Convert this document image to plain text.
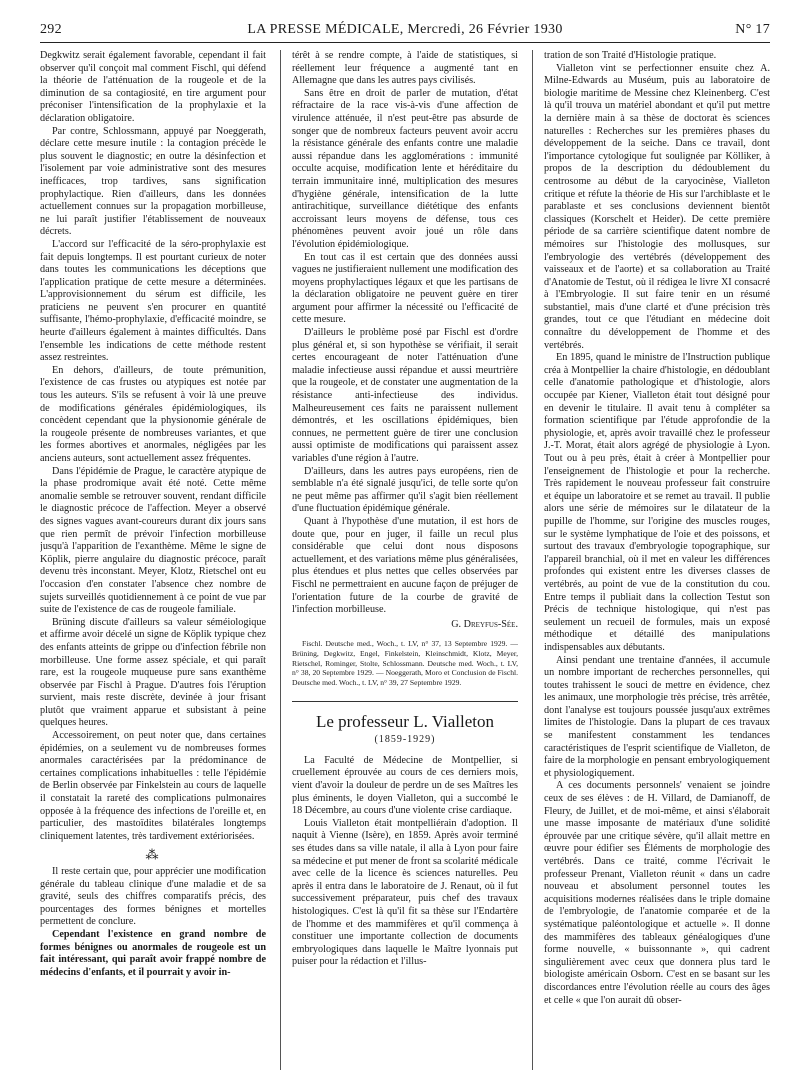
292	LA PRESSE MÉDICALE, Mercredi, 26 Février 1930	N° 17

Degkwitz serait également favorable, cependant il fait observer qu'il conçoit mal comment Fischl, qui défend la théorie de l'atténuation de la rougeole et de la diminution de sa contagiosité, en tire argument pour préconiser l'intensification de la prophylaxie et la déclaration obligatoire.

Par contre, Schlossmann, appuyé par Noeggerath, déclare cette mesure inutile : la contagion précède le plus souvent le diagnostic; en outre la désinfection et l'isolement par voie administrative sont des mesures inefficaces, trop tardives, sans signification prophylactique. Rien d'ailleurs, dans les données actuellement connues sur la propagation morbilleuse, ne lui paraît justifier l'établissement de nouveaux décrets.

L'accord sur l'efficacité de la séro-prophylaxie est fait depuis longtemps. Il est pourtant curieux de noter dans toutes les communications les déceptions que l'application pratique de cette mesure a déterminées. L'approvisionnement du sérum est difficile, les praticiens ne peuvent s'en procurer en quantité suffisante, l'hémo-prophylaxie, d'efficacité moindre, se heurte d'ailleurs également à maintes difficultés. Dans l'ensemble les indications de cette méthode restent assez restreintes.

En dehors, d'ailleurs, de toute prémunition, l'existence de cas frustes ou atypiques est notée par tous les auteurs. S'ils se refusent à voir là une preuve de modifications générales épidémiologiques, ils concèdent cependant que la physionomie générale de la rougeole présente de nombreuses variantes, et que les formes abortives et anormales, négligées par les anciens auteurs, sont actuellement assez fréquentes.

Dans l'épidémie de Prague, le caractère atypique de la phase prodromique avait été noté. Cette même anomalie semble se retrouver souvent, rendant difficile le diagnostic précoce de l'affection. Meyer a observé des signes vagues avant-coureurs durant dix jours sans que rien permît de prévoir l'infection morbilleuse jusqu'à l'apparition de l'exanthème. Même le signe de Köplik, pierre angulaire du diagnostic précoce, paraît devenu très inconstant. Meyer, Klotz, Rietschel ont eu l'occasion d'en constater l'absence chez nombre de sujets surveillés quotidiennement à ce point de vue par suite de l'existence de cas de rougeole familiale.

Brüning discute d'ailleurs sa valeur séméiologique et affirme avoir décelé un signe de Köplik typique chez des enfants atteints de grippe ou d'infection fébrile non morbilleuse. Une forme assez spéciale, et qui paraît rare, est la rougeole muqueuse pure sans exanthème observée par Fischl à Prague. D'autres fois l'éruption survient, mais reste discrète, devinée à jour frisant plutôt que vraiment apparue et subsistant à peine quelques heures.

Accessoirement, on peut noter que, dans certaines épidémies, on a seulement vu de nombreuses formes anormales caractérisées par la prédominance de certaines complications inhabituelles : telle l'épidémie de Berlin observée par Finkelstein au cours de laquelle il constatait la rareté des complications pulmonaires opposée à la fréquence des infections de l'oreille et, en particulier, des mastoïdites bilatérales longtemps cliniquement latentes, très tardivement extériorisées.

⁂

Il reste certain que, pour apprécier une modification générale du tableau clinique d'une maladie et de sa gravité, seuls des chiffres comparatifs précis, des pourcentages des formes bénignes et mortelles permettent de conclure.

Cependant l'existence en grand nombre de formes bénignes ou anormales de rougeole est un fait intéressant, qui paraît avoir frappé nombre de médecins d'enfants, et il pourrait y avoir in-

térêt à se rendre compte, à l'aide de statistiques, si réellement leur fréquence a augmenté tant en Allemagne que dans les autres pays civilisés.

Sans être en droit de parler de mutation, d'état réfractaire de la race vis-à-vis d'une affection de virulence atténuée, il n'est peut-être pas absurde de songer que de nombreux facteurs peuvent avoir accru la résistance générale des enfants contre une maladie aussi répandue dans les agglomérations : immunité occulte acquise, modification lente et héréditaire du terrain immunitaire inné, multiplication des mesures d'hygiène générale, intensification de la lutte antirachitique, surveillance diététique des enfants accroissant leurs moyens de défense, tous ces phénomènes peuvent avoir joué un rôle dans l'évolution épidémiologique.

En tout cas il est certain que des données aussi vagues ne justifieraient nullement une modification des moyens prophylactiques légaux et que les partisans de la déclaration obligatoire ne peuvent guère en tirer argument pour affirmer la nécessité ou l'efficacité de cette mesure.

D'ailleurs le problème posé par Fischl est d'ordre plus général et, si son hypothèse se vérifiait, il serait certes encourageant de noter l'atténuation d'une maladie infectieuse aussi répandue et aussi meurtrière que la rougeole, et de constater une augmentation de la résistance anti-infectieuse des individus. Malheureusement ces faits ne paraissent nullement démontrés, et les oscillations épidémiques, bien connues, ne permettent guère de tirer une conclusion aussi optimiste de modifications qui paraissent assez variables d'une région à l'autre.

D'ailleurs, dans les autres pays européens, rien de semblable n'a été signalé jusqu'ici, de telle sorte qu'on ne peut même pas affirmer qu'il s'agit bien réellement d'une fluctuation épidémique générale.

Quant à l'hypothèse d'une mutation, il est hors de doute que, pour en juger, il faille un recul plus considérable que celui dont nous disposons actuellement, et des variations même plus généralisées, plus étendues et plus nettes que celles observées par Fischl ne permettraient en aucune façon de préjuger de l'orientation future de la courbe de gravité de l'infection morbilleuse.

G. Dreyfus-Sée.

Fischl. Deutsche med., Woch., t. LV, n° 37, 13 Septembre 1929. — Brüning, Degkwitz, Engel, Finkelstein, Kleinschmidt, Klotz, Meyer, Rietschel, Rominger, Stolte, Schlossmann. Deutsche med. Woch., t. LV, n° 38, 20 Septembre 1929. — Noeggerath, Moro et Conclusion de Fischl. Deutsche med. Woch., t. LV, n° 39, 27 Septembre 1929.

Le professeur L. Vialleton
(1859-1929)

La Faculté de Médecine de Montpellier, si cruellement éprouvée au cours de ces derniers mois, vient d'avoir la douleur de perdre un de ses Maîtres les plus éminents, le doyen Vialleton, qui a succombé le 18 Décembre, au cours d'une violente crise cardiaque.

Louis Vialleton était montpelliérain d'adoption. Il naquit à Vienne (Isère), en 1859. Après avoir terminé ses études dans sa ville natale, il alla à Lyon pour faire sa médecine et put mener de front sa scolarité médicale avec celle de la licence ès sciences naturelles. Peu après il entra dans le laboratoire de J. Renaut, où il fut successivement préparateur, puis chef des travaux histologiques. C'est là qu'il fit sa thèse sur l'Endartère de l'homme et des mammifères et qu'il commença à constituer une importante collection de documents embryologiques dans laquelle le Maître lyonnais put puiser pour la rédaction et l'illus-

tration de son Traité d'Histologie pratique.

Vialleton vint se perfectionner ensuite chez A. Milne-Edwards au Muséum, puis au laboratoire de biologie maritime de Messine chez Kleinenberg. C'est là qu'il trouva un matériel abondant et qu'il put mettre la dernière main à sa thèse de doctorat ès sciences naturelles : Recherches sur les premières phases du développement de la seiche. Dans ce travail, dont l'importance cytologique fut soulignée par Kölliker, à propos de la description du dédoublement du centrosome au début de la caryocinèse, Vialleton critique et réfute la théorie de His sur l'archiblaste et le parablaste et ses conclusions deviennent bientôt classiques (Korschelt et Heider). De cette première période de sa carrière scientifique datent nombre de mémoires sur l'histologie des mollusques, sur l'embryologie des vertébrés (développement des vaisseaux et de l'aorte) et sa collaboration au Traité d'Anatomie de Testut, où il rédigea le livre XI consacré à l'Embryologie. Il sut faire tenir en un résumé substantiel, mais d'une clarté et d'une précision très grandes, tout ce que l'étudiant en médecine doit connaître du développement de l'homme et des vertébrés.

En 1895, quand le ministre de l'Instruction publique créa à Montpellier la chaire d'histologie, en dédoublant celle d'anatomie pathologique et d'histologie, alors occupée par Kiener, Vialleton était tout désigné pour en devenir le titulaire. Il avait tenu à compléter sa formation scientifique par l'étude approfondie de la physiologie, et, après avoir travaillé chez le professeur J.-T. Morat, était alors agrégé de physiologie à Lyon. Tout ou à peu près, était à créer à Montpellier pour l'enseignement de l'histologie et pour la recherche. Très rapidement le nouveau professeur fait construire et équipe un laboratoire et se remet au travail. Il publie alors une série de mémoires sur le dilatateur de la pupille de l'homme, sur l'origine des muscles rouges, sur le système lymphatique de l'oie et des poissons, et surtout des travaux d'embryologie topographique, sur l'appareil branchial, où il met en valeur les différences profondes qui existent entre les diverses classes de vertébrés, au point de vue de la constitution du cou. Entre temps il publiait dans la collection Testut son Précis de technique histologique, qui n'est pas seulement un recueil de formules, mais un exposé méthodique et détaillé des manipulations indispensables aux débutants.

Ainsi pendant une trentaine d'années, il accumule un nombre important de recherches personnelles, qui toutes trahissent le souci de mettre en évidence, chez les animaux, une morphologie très précise, très arrêtée, dont l'analyse est toujours poussée jusqu'aux extrêmes limites de l'histologie. Dans la plupart de ces travaux se manifestent constamment les tendances caractéristiques de l'esprit scientifique de Vialleton, de faire de la morphologie en pensant embryologiquement et physiologiquement.

A ces documents personnels' venaient se joindre ceux de ses élèves : de H. Villard, de Damianoff, de Fleury, de Juillet, et de moi-même, et ainsi s'élaborait une masse imposante de matériaux d'une solidité éprouvée par une critique sévère, qu'il allait mettre en œuvre pour édifier ses Éléments de morphologie des vertébrés. Dans ce traité, comme l'écrivait le professeur Prenant, Vialleton réunit « dans un cadre nouveau et absolument personnel toutes les acquisitions modernes réalisées dans le triple domaine de l'embryologie, de l'anatomie comparée et de la systématique paléontologique et actuelle ». Il donne des mammifères des tableaux généalogiques d'une forme nouvelle, « buissonnante », qui cadrent singulièrement avec ceux que donnera plus tard le biologiste américain Osborn. C'est en se basant sur les discordances entre l'évolution réelle au cours des âges et celle « que l'on aurait dû obser-
